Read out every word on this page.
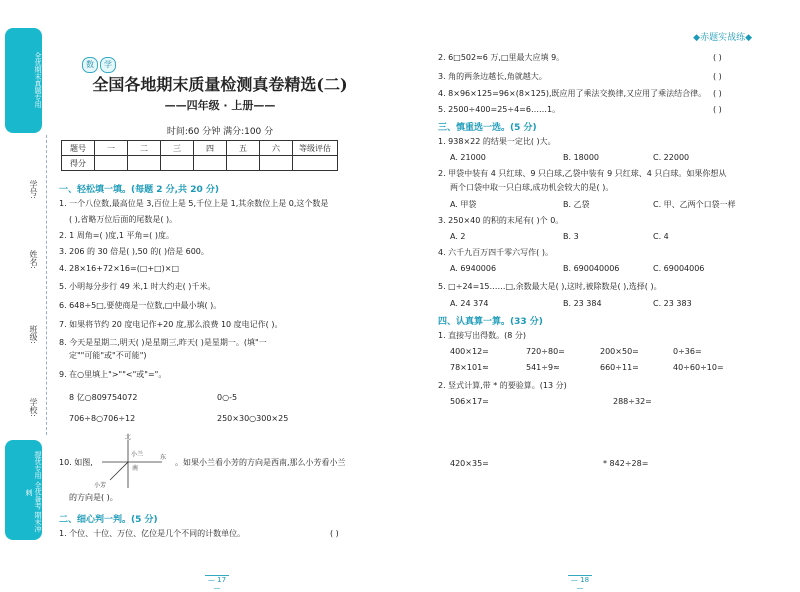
全优期末真题专用
提优专用 全优备考 期末冲刺
学号:
姓名:
班级:
学校:
数 学
全国各地期末质量检测真卷精选(二)
——四年级 · 上册——
时间:60 分钟 满分:100 分
题号	一	二	三	四	五	六	等级评估
得分							
一、轻松填一填。(每题 2 分,共 20 分)
1. 一个八位数,最高位是 3,百位上是 5,千位上是 1,其余数位上是 0,这个数是
( ),省略万位后面的尾数是( )。
2. 1 周角=( )度,1 平角=( )度。
3. 206 的 30 倍是( ),50 的( )倍是 600。
4. 28×16+72×16=(□+□)×□
5. 小明每分步行 49 米,1 时大约走( )千米。
6. 648÷5□,要使商是一位数,□中最小填( )。
7. 如果将节约 20 度电记作+20 度,那么浪费 10 度电记作( )。
8. 今天是星期二,明天( )是星期三,昨天( )是星期一。(填"一
定""可能"或"不可能")
9. 在○里填上">""<"或"="。
8 亿○809754072	0○-5
706÷8○706÷12	250×30○300×25
10. 如图,	。如果小兰看小芳的方向是西南,那么小芳看小兰
的方向是( )。
二、细心判一判。(5 分)
1. 个位、十位、万位、亿位是几个不同的计数单位。	( )
— 17 —
北
东
南
小兰
小芳
◆赤题实战练◆
2. 6□502≈6 万,□里最大应填 9。	( )
3. 角的两条边越长,角就越大。	( )
4. 8×96×125=96×(8×125),既应用了乘法交换律,又应用了乘法结合律。 ( )
5. 2500÷400=25÷4=6……1。	( )
三、慎重选一选。(5 分)
1. 938×22 的结果一定比( )大。
A. 21000	B. 18000	C. 22000
2. 甲袋中装有 4 只红球、9 只白球,乙袋中装有 9 只红球、4 只白球。如果你想从
两个口袋中取一只白球,成功机会较大的是( )。
A. 甲袋	B. 乙袋	C. 甲、乙两个口袋一样
3. 250×40 的积的末尾有( )个 0。
A. 2	B. 3	C. 4
4. 六千九百万四千零六写作( )。
A. 6940006	B. 690040006	C. 69004006
5. □÷24=15……□,余数最大是( ),这时,被除数是( ),选择( )。
A. 24 374	B. 23 384	C. 23 383
四、认真算一算。(33 分)
1. 直接写出得数。(8 分)
400×12=	720÷80=	200×50=	0÷36=
78×101≈	541÷9≈	660÷11=	40÷60÷10=
2. 竖式计算,带 * 的要验算。(13 分)
506×17=	288÷32=
420×35=	* 842÷28=
— 18 —
